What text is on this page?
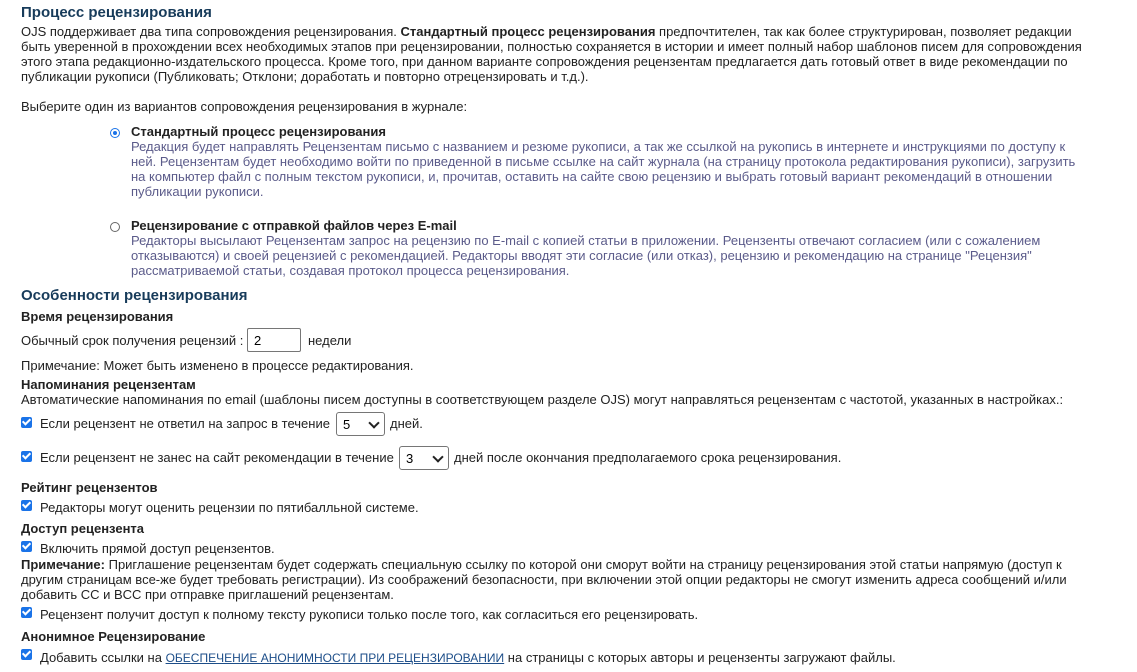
Процесс рецензирования

OJS поддерживает два типа сопровождения рецензирования. Стандартный процесс рецензирования предпочтителен, так как более структурирован, позволяет редакции быть уверенной в прохождении всех необходимых этапов при рецензировании, полностью сохраняется в истории и имеет полный набор шаблонов писем для сопровождения этого этапа редакционно-издательского процесса. Кроме того, при данном варианте сопровождения рецензентам предлагается дать готовый ответ в виде рекомендации по публикации рукописи (Публиковать; Отклони; доработать и повторно отрецензировать и т.д.).

Выберите один из вариантов сопровождения рецензирования в журнале:

Стандартный процесс рецензирования
Редакция будет направлять Рецензентам письмо с названием и резюме рукописи, а так же ссылкой на рукопись в интернете и инструкциями по доступу к ней. Рецензентам будет необходимо войти по приведенной в письме ссылке на сайт журнала (на страницу протокола редактирования рукописи), загрузить на компьютер файл с полным текстом рукописи, и, прочитав, оставить на сайте свою рецензию и выбрать готовый вариант рекомендаций в отношении публикации рукописи.
Рецензирование с отправкой файлов через E-mail
Редакторы высылают Рецензентам запрос на рецензию по E-mail с копией статьи в приложении. Рецензенты отвечают согласием (или с сожалением отказываются) и своей рецензией с рекомендацией. Редакторы вводят эти согласие (или отказ), рецензию и рекомендацию на странице "Рецензия" рассматриваемой статьи, создавая протокол процесса рецензирования.
Особенности рецензирования
Время рецензирования
Обычный срок получения рецензий :
2	недели

Примечание: Может быть изменено в процессе редактирования.

Напоминания рецензентам

Автоматические напоминания по email (шаблоны писем доступны в соответствующем разделе OJS) могут направляться рецензентам с частотой, указанных в настройках.:

Если рецензент не ответил на запрос в течение	5	дней.
Если рецензент не занес на сайт рекомендации в течение 3	дней после окончания предполагаемого срока рецензирования.
Рейтинг рецензентов
Редакторы могут оценить рецензии по пятибалльной системе.
Доступ рецензента
Включить прямой доступ рецензентов.

Примечание: Приглашение рецензентам будет содержать специальную ссылку по которой они сморут войти на страницу рецензирования этой статьи напрямую (доступ к другим страницам все-же будет требовать регистрации). Из соображений безопасности, при включении этой опции редакторы не смогут изменить адреса сообщений и/или добавить CC и BCC при отправке приглашений рецензентам.

Рецензент получит доступ к полному тексту рукописи только после того, как согласиться его рецензировать.
Анонимное Рецензирование
Добавить ссылки на ОБЕСПЕЧЕНИЕ АНОНИМНОСТИ ПРИ РЕЦЕНЗИРОВАНИИ на страницы с которых авторы и рецензенты загружают файлы.
